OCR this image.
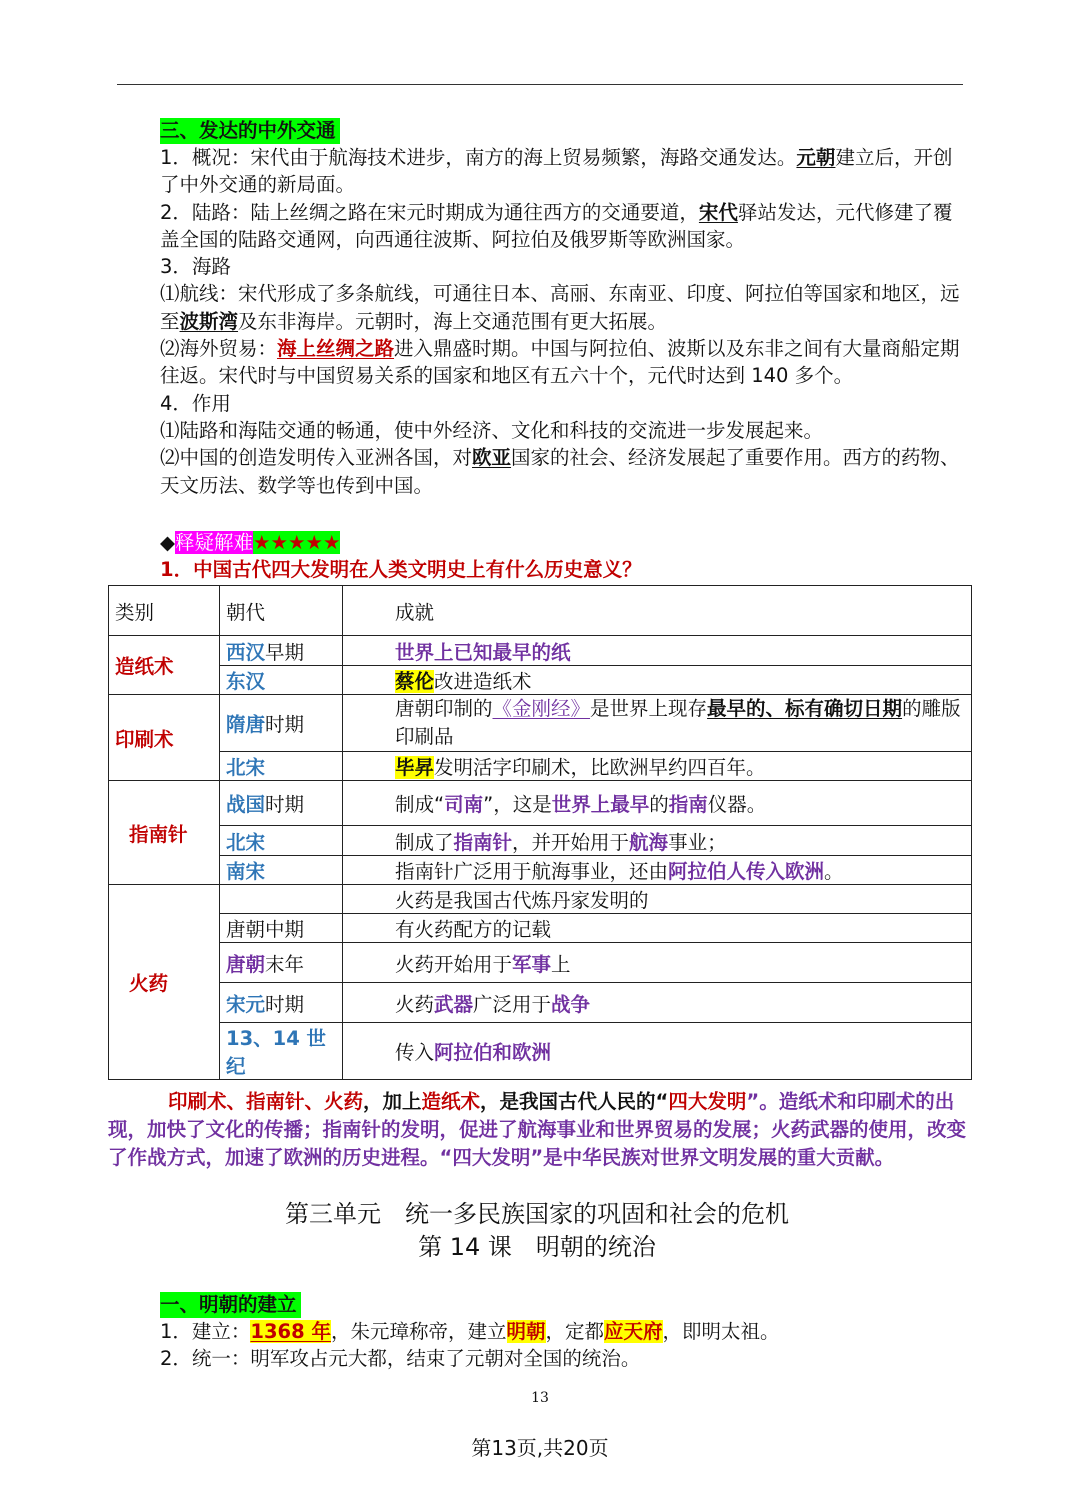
三、发达的中外交通

1．概况：宋代由于航海技术进步，南方的海上贸易频繁，海路交通发达。元朝建立后，开创了中外交通的新局面。

2．陆路：陆上丝绸之路在宋元时期成为通往西方的交通要道，宋代驿站发达，元代修建了覆盖全国的陆路交通网，向西通往波斯、阿拉伯及俄罗斯等欧洲国家。

3．海路

⑴航线：宋代形成了多条航线，可通往日本、高丽、东南亚、印度、阿拉伯等国家和地区，远至波斯湾及东非海岸。元朝时，海上交通范围有更大拓展。

⑵海外贸易：海上丝绸之路进入鼎盛时期。中国与阿拉伯、波斯以及东非之间有大量商船定期往返。宋代时与中国贸易关系的国家和地区有五六十个，元代时达到 140 多个。

4．作用

⑴陆路和海陆交通的畅通，使中外经济、文化和科技的交流进一步发展起来。

⑵中国的创造发明传入亚洲各国，对欧亚国家的社会、经济发展起了重要作用。西方的药物、天文历法、数学等也传到中国。

◆释疑解难★★★★★

1．中国古代四大发明在人类文明史上有什么历史意义？

类别	朝代	成就
造纸术	西汉早期	世界上已知最早的纸
	东汉	蔡伦改进造纸术
印刷术	隋唐时期	唐朝印制的《金刚经》是世界上现存最早的、标有确切日期的雕版印刷品
	北宋	毕昇发明活字印刷术，比欧洲早约四百年。
指南针	战国时期	制成“司南”，这是世界上最早的指南仪器。
	北宋	制成了指南针，并开始用于航海事业；
	南宋	指南针广泛用于航海事业，还由阿拉伯人传入欧洲。
火药		火药是我国古代炼丹家发明的
	唐朝中期	有火药配方的记载
	唐朝末年	火药开始用于军事上
	宋元时期	火药武器广泛用于战争
	13、14 世纪	传入阿拉伯和欧洲

印刷术、指南针、火药，加上造纸术，是我国古代人民的“四大发明”。造纸术和印刷术的出现，加快了文化的传播；指南针的发明，促进了航海事业和世界贸易的发展；火药武器的使用，改变了作战方式，加速了欧洲的历史进程。“四大发明”是中华民族对世界文明发展的重大贡献。

第三单元　统一多民族国家的巩固和社会的危机
第 14 课　明朝的统治
一、明朝的建立

1．建立：1368 年，朱元璋称帝，建立明朝，定都应天府，即明太祖。

2．统一：明军攻占元大都，结束了元朝对全国的统治。

13
第13页,共20页
